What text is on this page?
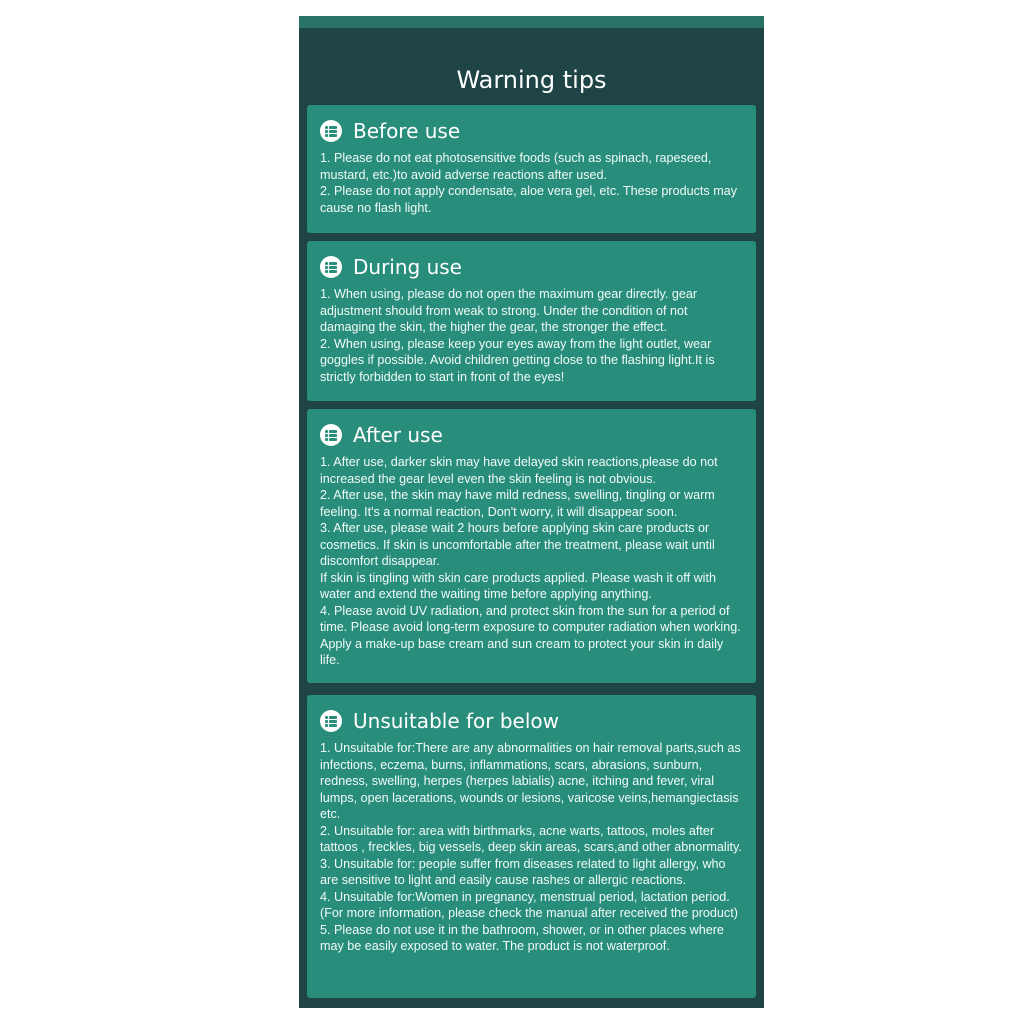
Warning tips
Before use

1. Please do not eat photosensitive foods (such as spinach, rapeseed, mustard, etc.)to avoid adverse reactions after used.

2. Please do not apply condensate, aloe vera gel, etc. These products may cause no flash light.

During use

1. When using, please do not open the maximum gear directly. gear adjustment should from weak to strong. Under the condition of not damaging the skin, the higher the gear, the stronger the effect.

2. When using, please keep your eyes away from the light outlet, wear goggles if possible. Avoid children getting close to the flashing light.It is strictly forbidden to start in front of the eyes!

After use

1. After use, darker skin may have delayed skin reactions,please do not increased the gear level even the skin feeling is not obvious.

2. After use, the skin may have mild redness, swelling, tingling or warm feeling. It's a normal reaction, Don't worry, it will disappear soon.

3. After use, please wait 2 hours before applying skin care products or cosmetics. If skin is uncomfortable after the treatment, please wait until discomfort disappear.

If skin is tingling with skin care products applied. Please wash it off with water and extend the waiting time before applying anything.

4. Please avoid UV radiation, and protect skin from the sun for a period of time. Please avoid long-term exposure to computer radiation when working. Apply a make-up base cream and sun cream to protect your skin in daily life.

Unsuitable for below

1. Unsuitable for:There are any abnormalities on hair removal parts,such as infections, eczema, burns, inflammations, scars, abrasions, sunburn, redness, swelling, herpes (herpes labialis) acne, itching and fever, viral lumps, open lacerations, wounds or lesions, varicose veins,hemangiectasis etc.

2. Unsuitable for: area with birthmarks, acne warts, tattoos, moles after tattoos , freckles, big vessels, deep skin areas, scars,and other abnormality.

3. Unsuitable for: people suffer from diseases related to light allergy, who are sensitive to light and easily cause rashes or allergic reactions.

4. Unsuitable for:Women in pregnancy, menstrual period, lactation period. (For more information, please check the manual after received the product)

5. Please do not use it in the bathroom, shower, or in other places where may be easily exposed to water. The product is not waterproof.
